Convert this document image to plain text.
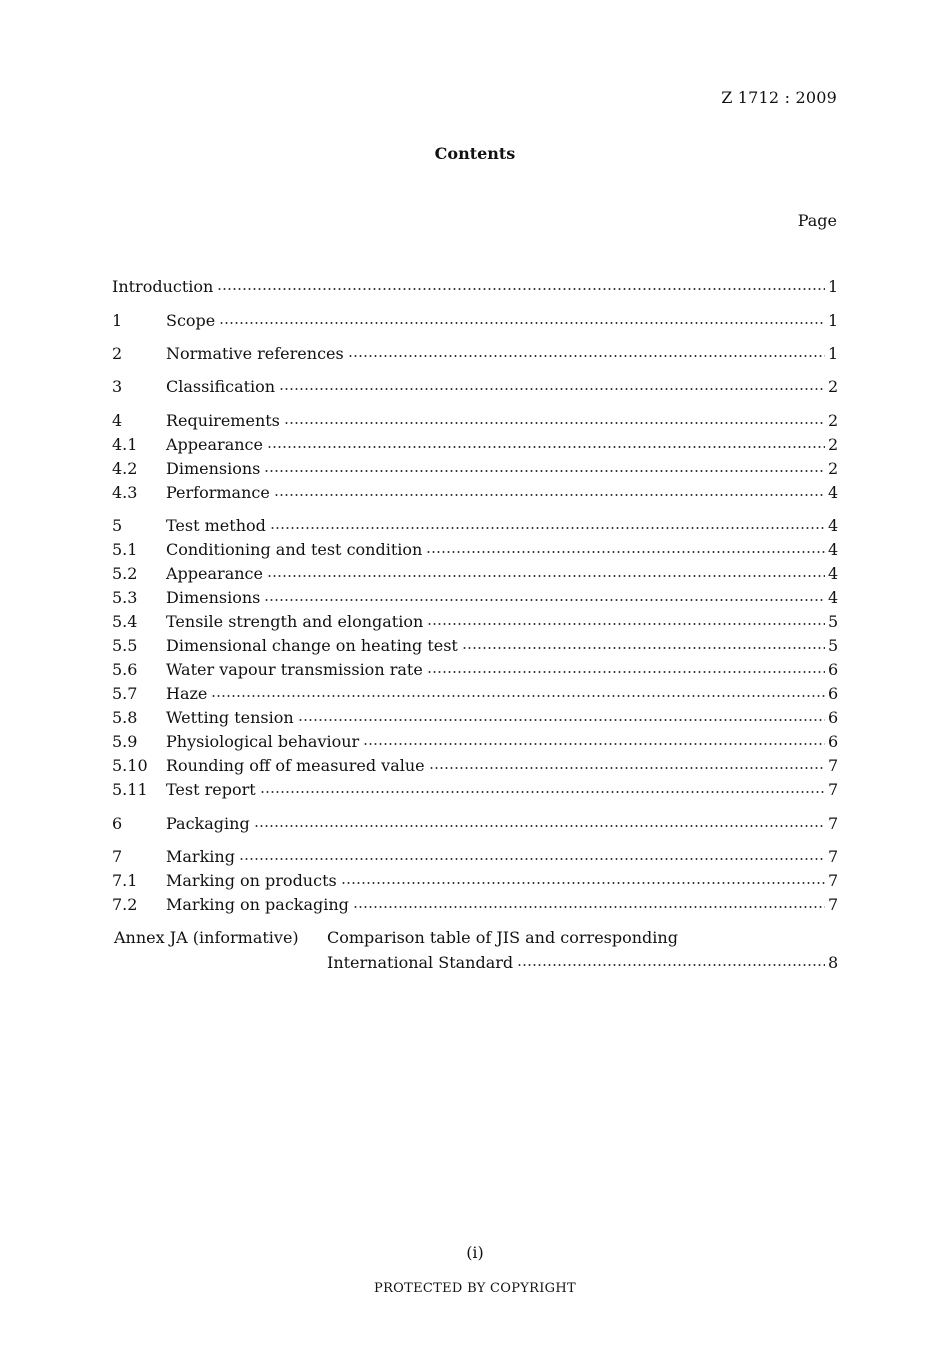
Z 1712 : 2009
Contents
Page
Introduction	1
1	Scope	1
2	Normative references	1
3	Classification	2
4	Requirements	2
4.1	Appearance	2
4.2	Dimensions	2
4.3	Performance	4
5	Test method	4
5.1	Conditioning and test condition	4
5.2	Appearance	4
5.3	Dimensions	4
5.4	Tensile strength and elongation	5
5.5	Dimensional change on heating test	5
5.6	Water vapour transmission rate	6
5.7	Haze	6
5.8	Wetting tension	6
5.9	Physiological behaviour	6
5.10	Rounding off of measured value	7
5.11	Test report	7
6	Packaging	7
7	Marking	7
7.1	Marking on products	7
7.2	Marking on packaging	7
Annex JA (informative) Comparison table of JIS and corresponding
International Standard	8
(i)
PROTECTED BY COPYRIGHT
